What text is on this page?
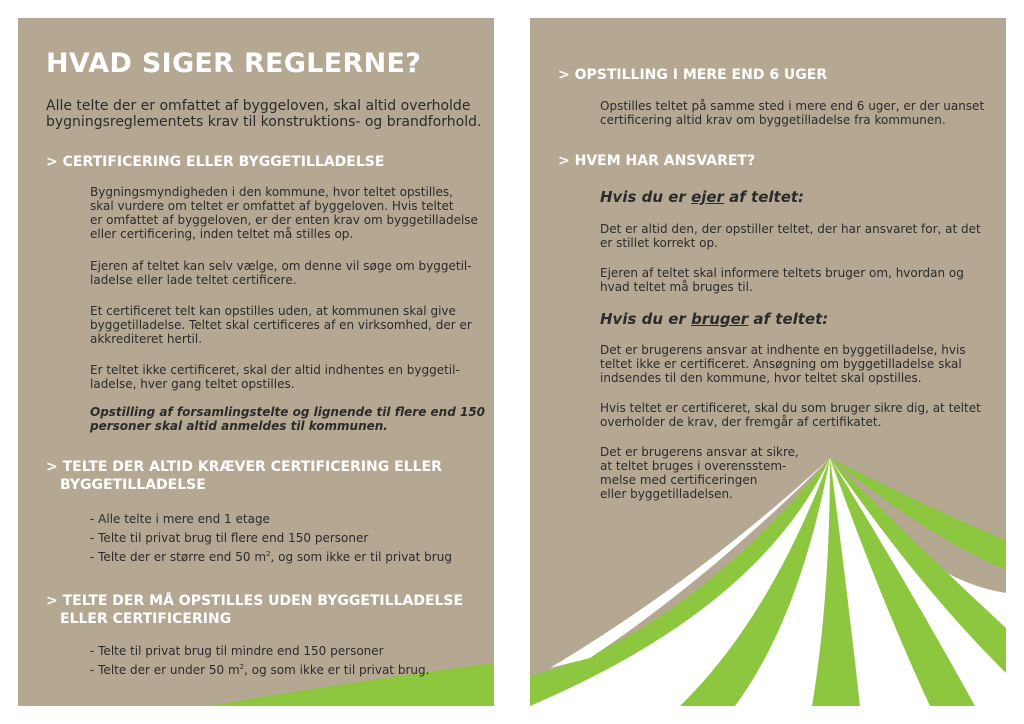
HVAD SIGER REGLERNE?
Alle telte der er omfattet af byggeloven, skal altid overholde
bygningsreglementets krav til konstruktions- og brandforhold.
> CERTIFICERING ELLER BYGGETILLADELSE
Bygningsmyndigheden i den kommune, hvor teltet opstilles,
skal vurdere om teltet er omfattet af byggeloven. Hvis teltet
er omfattet af byggeloven, er der enten krav om byggetilladelse
eller certificering, inden teltet må stilles op.
Ejeren af teltet kan selv vælge, om denne vil søge om byggetil-
ladelse eller lade teltet certificere.
Et certificeret telt kan opstilles uden, at kommunen skal give
byggetilladelse. Teltet skal certificeres af en virksomhed, der er
akkrediteret hertil.
Er teltet ikke certificeret, skal der altid indhentes en byggetil-
ladelse, hver gang teltet opstilles.
Opstilling af forsamlingstelte og lignende til flere end 150
personer skal altid anmeldes til kommunen.
> TELTE DER ALTID KRÆVER CERTIFICERING ELLER
BYGGETILLADELSE
- Alle telte i mere end 1 etage
- Telte til privat brug til flere end 150 personer
- Telte der er større end 50 $m^2$, og som ikke er til privat brug
> TELTE DER MÅ OPSTILLES UDEN BYGGETILLADELSE
ELLER CERTIFICERING
- Telte til privat brug til mindre end 150 personer
- Telte der er under 50 $m^2$, og som ikke er til privat brug.
> OPSTILLING I MERE END 6 UGER
Opstilles teltet på samme sted i mere end 6 uger, er der uanset
certificering altid krav om byggetilladelse fra kommunen.
> HVEM HAR ANSVARET?
Hvis du er ejer af teltet:
Det er altid den, der opstiller teltet, der har ansvaret for, at det
er stillet korrekt op.
Ejeren af teltet skal informere teltets bruger om, hvordan og
hvad teltet må bruges til.
Hvis du er bruger af teltet:
Det er brugerens ansvar at indhente en byggetilladelse, hvis
teltet ikke er certificeret. Ansøgning om byggetilladelse skal
indsendes til den kommune, hvor teltet skal opstilles.
Hvis teltet er certificeret, skal du som bruger sikre dig, at teltet
overholder de krav, der fremgår af certifikatet.
Det er brugerens ansvar at sikre,
at teltet bruges i overensstem-
melse med certificeringen
eller byggetilladelsen.
